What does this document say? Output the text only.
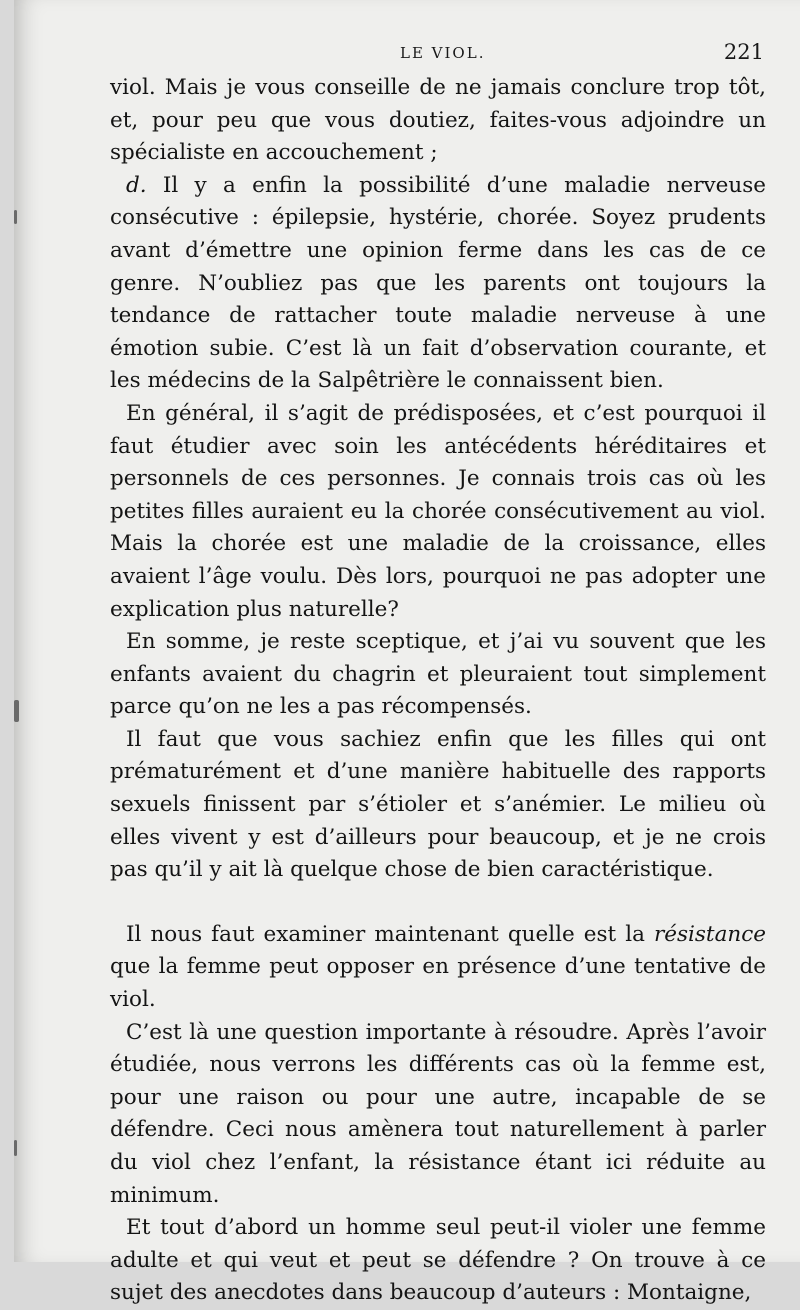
LE VIOL.	221

viol. Mais je vous conseille de ne jamais conclure trop tôt, et, pour peu que vous doutiez, faites-vous adjoindre un spécialiste en accouchement ;

d. Il y a enfin la possibilité d’une maladie nerveuse consécutive : épilepsie, hystérie, chorée. Soyez prudents avant d’émettre une opinion ferme dans les cas de ce genre. N’oubliez pas que les parents ont toujours la tendance de rattacher toute maladie nerveuse à une émotion subie. C’est là un fait d’observation courante, et les médecins de la Salpêtrière le connaissent bien.

En général, il s’agit de prédisposées, et c’est pourquoi il faut étudier avec soin les antécédents héréditaires et personnels de ces personnes. Je connais trois cas où les petites filles auraient eu la chorée consécutivement au viol. Mais la chorée est une maladie de la croissance, elles avaient l’âge voulu. Dès lors, pourquoi ne pas adopter une explication plus naturelle?

En somme, je reste sceptique, et j’ai vu souvent que les enfants avaient du chagrin et pleuraient tout simplement parce qu’on ne les a pas récompensés.

Il faut que vous sachiez enfin que les filles qui ont prématurément et d’une manière habituelle des rapports sexuels finissent par s’étioler et s’anémier. Le milieu où elles vivent y est d’ailleurs pour beaucoup, et je ne crois pas qu’il y ait là quelque chose de bien caractéristique.

Il nous faut examiner maintenant quelle est la résistance que la femme peut opposer en présence d’une tentative de viol.

C’est là une question importante à résoudre. Après l’avoir étudiée, nous verrons les différents cas où la femme est, pour une raison ou pour une autre, incapable de se défendre. Ceci nous amènera tout naturellement à parler du viol chez l’enfant, la résistance étant ici réduite au minimum.

Et tout d’abord un homme seul peut-il violer une femme adulte et qui veut et peut se défendre ? On trouve à ce sujet des anecdotes dans beaucoup d’auteurs : Montaigne,
